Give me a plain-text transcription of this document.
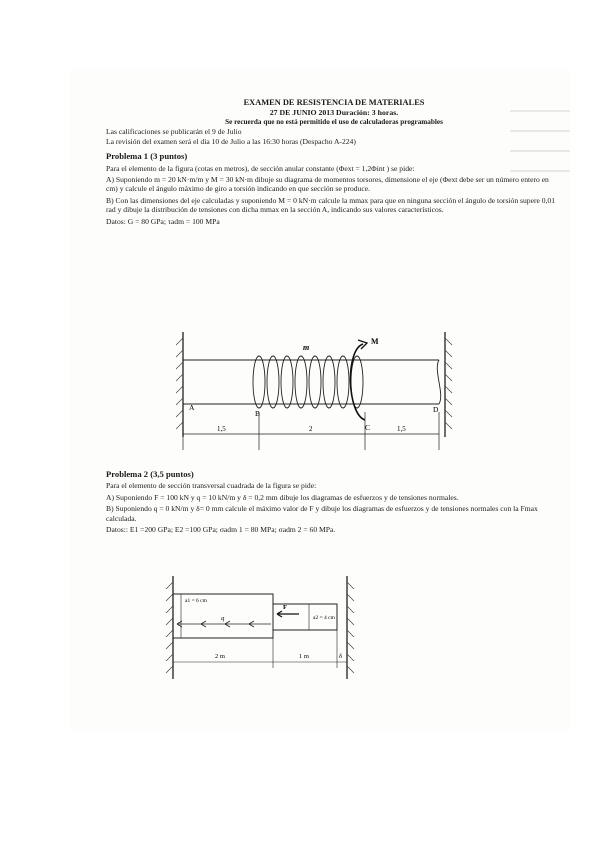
EXAMEN DE RESISTENCIA DE MATERIALES
27 DE JUNIO 2013 Duración: 3 horas.
Se recuerda que no está permitido el uso de calculadoras programables
Las calificaciones se publicarán el 9 de Julio
La revisión del examen será el día 10 de Julio a las 16:30 horas (Despacho A-224)
Problema 1 (3 puntos)
Para el elemento de la figura (cotas en metros), de sección anular constante (Φext = 1,2Φint ) se pide:
A) Suponiendo m = 20 kN·m/m y M = 30 kN·m dibuje su diagrama de momentos torsores, dimensione el eje (Φext debe ser un número entero en cm) y calcule el ángulo máximo de giro a torsión indicando en que sección se produce.
B) Con las dimensiones del eje calculadas y suponiendo M = 0 kN·m calcule la mmax para que en ninguna sección el ángulo de torsión supere 0,01 rad y dibuje la distribución de tensiones con dicha mmax en la sección A, indicando sus valores característicos.
Datos: G = 80 GPa; τadm = 100 MPa
m
M
A
B
C
D
1,5	2	1,5
Problema 2 (3,5 puntos)
Para el elemento de sección transversal cuadrada de la figura se pide:
A) Suponiendo F = 100 kN y q = 10 kN/m y δ = 0,2 mm dibuje los diagramas de esfuerzos y de tensiones normales.
B) Suponiendo q = 0 kN/m y δ= 0 mm calcule el máximo valor de F y dibuje los diagramas de esfuerzos y de tensiones normales con la Fmax calculada.
Datos:: E1 =200 GPa; E2 =100 GPa; σadm 1 = 80 MPa; σadm 2 = 60 MPa.
a1 = 6 cm
a2 = 4 cm
q
F
2 m	1 m	δ
